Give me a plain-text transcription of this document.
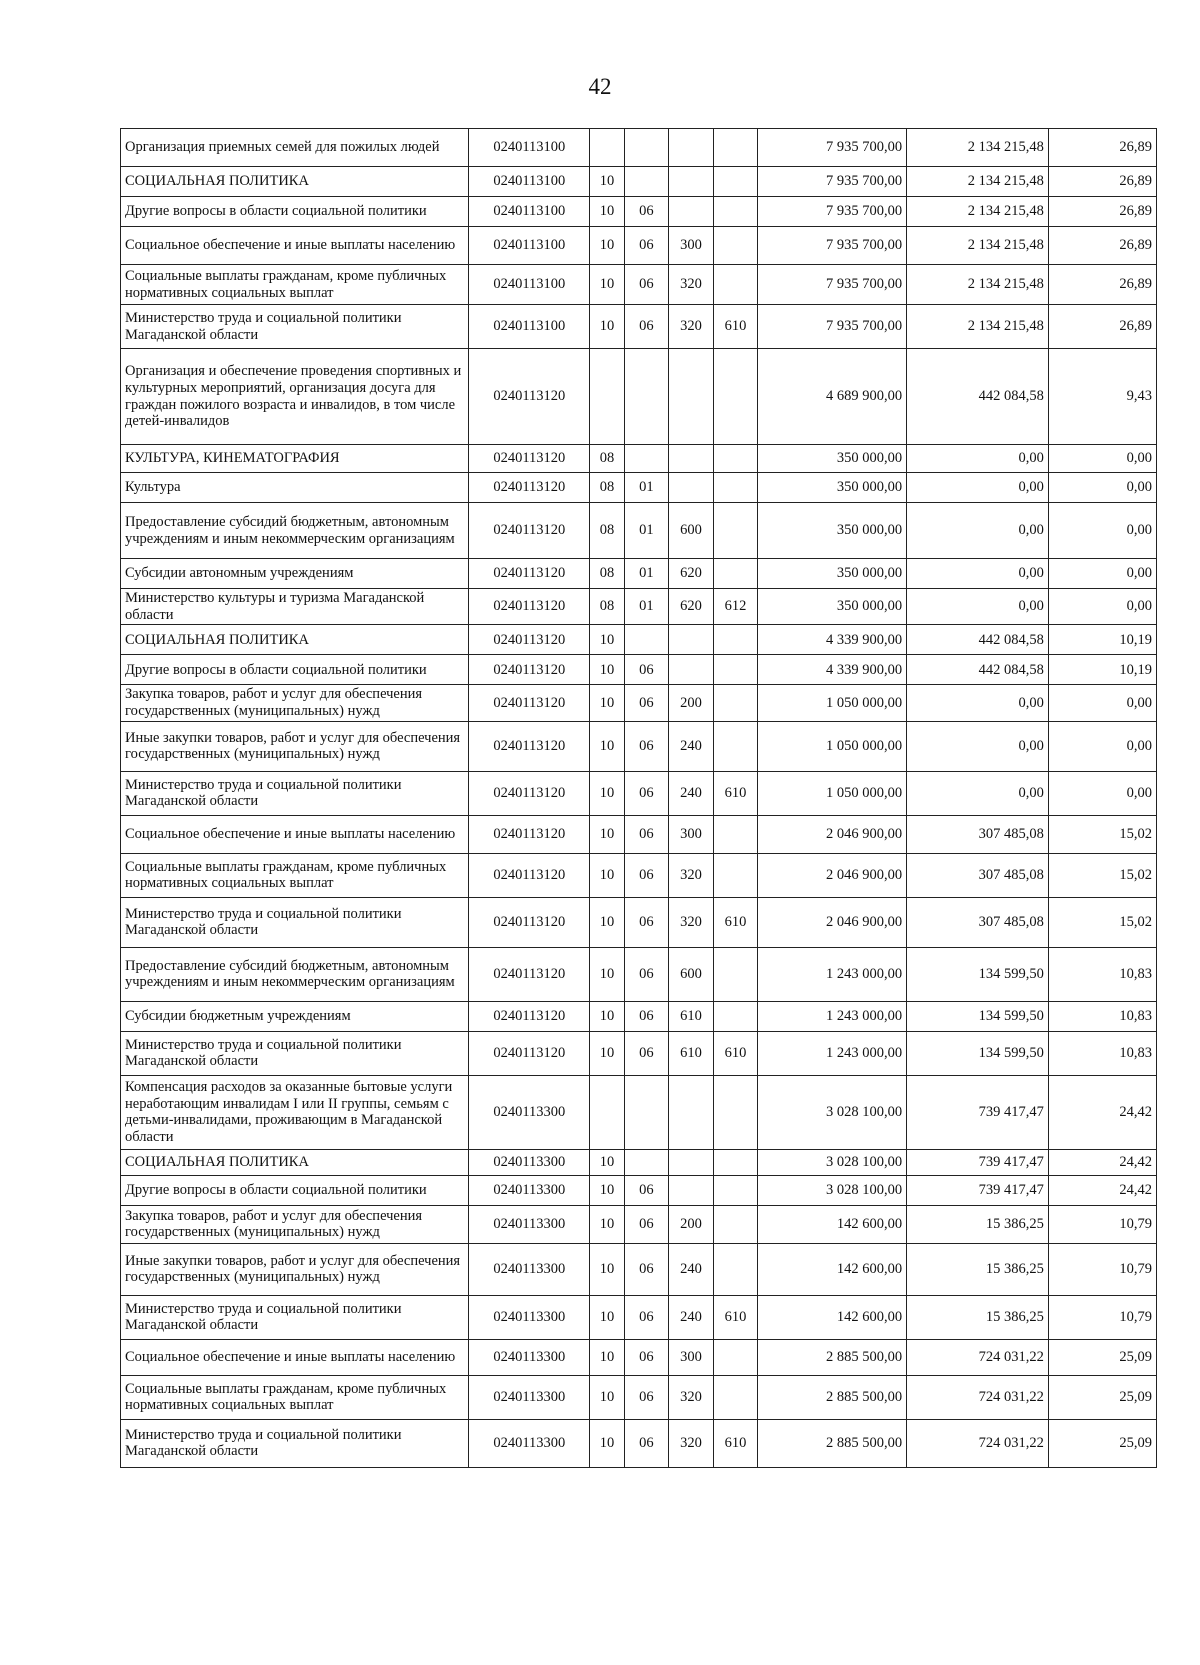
42
Организация приемных семей для пожилых людей	0240113100					7 935 700,00	2 134 215,48	26,89
СОЦИАЛЬНАЯ ПОЛИТИКА	0240113100	10				7 935 700,00	2 134 215,48	26,89
Другие вопросы в области социальной политики	0240113100	10	06			7 935 700,00	2 134 215,48	26,89
Социальное обеспечение и иные выплаты населению	0240113100	10	06	300		7 935 700,00	2 134 215,48	26,89
Социальные выплаты гражданам, кроме публичных нормативных социальных выплат	0240113100	10	06	320		7 935 700,00	2 134 215,48	26,89
Министерство труда и социальной политики Магаданской области	0240113100	10	06	320	610	7 935 700,00	2 134 215,48	26,89
Организация и обеспечение проведения спортивных и культурных мероприятий, организация досуга для граждан пожилого возраста и инвалидов, в том числе детей-инвалидов	0240113120					4 689 900,00	442 084,58	9,43
КУЛЬТУРА, КИНЕМАТОГРАФИЯ	0240113120	08				350 000,00	0,00	0,00
Культура	0240113120	08	01			350 000,00	0,00	0,00
Предоставление субсидий бюджетным, автономным учреждениям и иным некоммерческим организациям	0240113120	08	01	600		350 000,00	0,00	0,00
Субсидии автономным учреждениям	0240113120	08	01	620		350 000,00	0,00	0,00
Министерство культуры и туризма Магаданской области	0240113120	08	01	620	612	350 000,00	0,00	0,00
СОЦИАЛЬНАЯ ПОЛИТИКА	0240113120	10				4 339 900,00	442 084,58	10,19
Другие вопросы в области социальной политики	0240113120	10	06			4 339 900,00	442 084,58	10,19
Закупка товаров, работ и услуг для обеспечения государственных (муниципальных) нужд	0240113120	10	06	200		1 050 000,00	0,00	0,00
Иные закупки товаров, работ и услуг для обеспечения государственных (муниципальных) нужд	0240113120	10	06	240		1 050 000,00	0,00	0,00
Министерство труда и социальной политики Магаданской области	0240113120	10	06	240	610	1 050 000,00	0,00	0,00
Социальное обеспечение и иные выплаты населению	0240113120	10	06	300		2 046 900,00	307 485,08	15,02
Социальные выплаты гражданам, кроме публичных нормативных социальных выплат	0240113120	10	06	320		2 046 900,00	307 485,08	15,02
Министерство труда и социальной политики Магаданской области	0240113120	10	06	320	610	2 046 900,00	307 485,08	15,02
Предоставление субсидий бюджетным, автономным учреждениям и иным некоммерческим организациям	0240113120	10	06	600		1 243 000,00	134 599,50	10,83
Субсидии бюджетным учреждениям	0240113120	10	06	610		1 243 000,00	134 599,50	10,83
Министерство труда и социальной политики Магаданской области	0240113120	10	06	610	610	1 243 000,00	134 599,50	10,83
Компенсация расходов за оказанные бытовые услуги неработающим инвалидам I или II группы, семьям с детьми-инвалидами, проживающим в Магаданской области	0240113300					3 028 100,00	739 417,47	24,42
СОЦИАЛЬНАЯ ПОЛИТИКА	0240113300	10				3 028 100,00	739 417,47	24,42
Другие вопросы в области социальной политики	0240113300	10	06			3 028 100,00	739 417,47	24,42
Закупка товаров, работ и услуг для обеспечения государственных (муниципальных) нужд	0240113300	10	06	200		142 600,00	15 386,25	10,79
Иные закупки товаров, работ и услуг для обеспечения государственных (муниципальных) нужд	0240113300	10	06	240		142 600,00	15 386,25	10,79
Министерство труда и социальной политики Магаданской области	0240113300	10	06	240	610	142 600,00	15 386,25	10,79
Социальное обеспечение и иные выплаты населению	0240113300	10	06	300		2 885 500,00	724 031,22	25,09
Социальные выплаты гражданам, кроме публичных нормативных социальных выплат	0240113300	10	06	320		2 885 500,00	724 031,22	25,09
Министерство труда и социальной политики Магаданской области	0240113300	10	06	320	610	2 885 500,00	724 031,22	25,09
